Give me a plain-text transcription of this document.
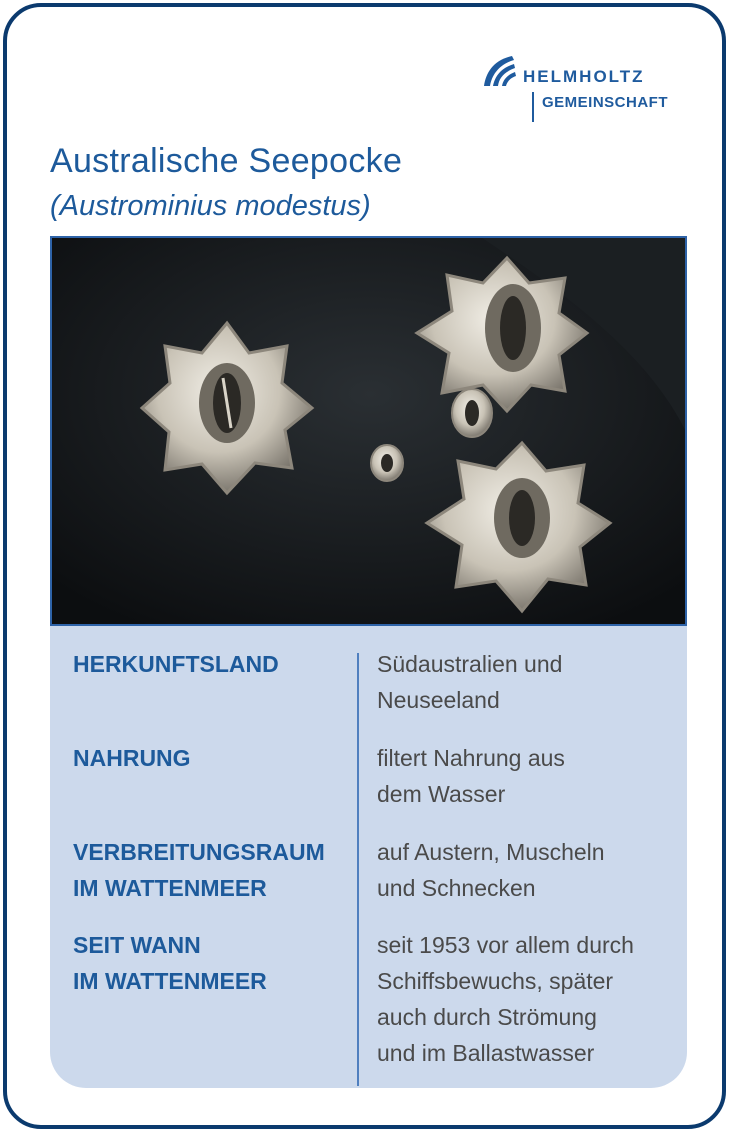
HELMHOLTZ
GEMEINSCHAFT
Australische Seepocke
(Austrominius modestus)
HERKUNFTSLAND	Südaustralien und
Neuseeland
NAHRUNG	filtert Nahrung aus
dem Wasser
VERBREITUNGSRAUM
IM WATTENMEER
auf Austern, Muscheln
und Schnecken
SEIT WANN
IM WATTENMEER
seit 1953 vor allem durch
Schiffsbewuchs, später
auch durch Strömung
und im Ballastwasser
